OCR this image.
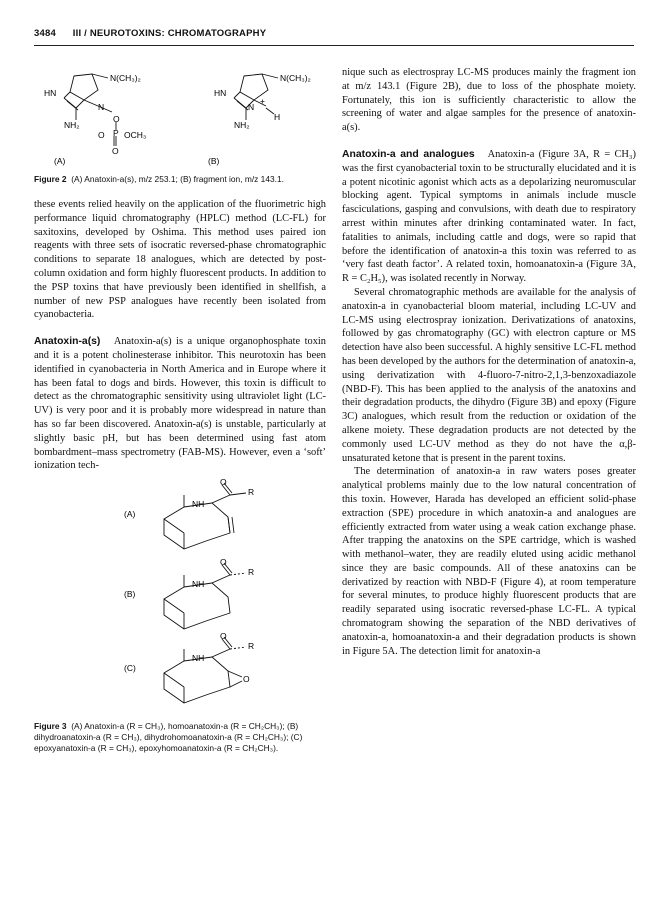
3484 III / NEUROTOXINS: CHROMATOGRAPHY
N(CH₃)₂
HN
N
O
NH₂
P
O OCH₃
O
(A)
N(CH₃)₂
HN
N
+
H
NH₂
(B)

Figure 2 (A) Anatoxin-a(s), m/z 253.1; (B) fragment ion, m/z 143.1.

these events relied heavily on the application of the fluorimetric high performance liquid chromatography (HPLC) method (LC-FL) for saxitoxins, developed by Oshima. This method uses paired ion reagents with three sets of isocratic reversed-phase chromatographic conditions to separate 18 analogues, which are detected by post-column oxidation and form highly fluorescent products. In addition to the PSP toxins that have previously been identified in shellfish, a number of new PSP analogues have recently been isolated from cyanobacteria.

Anatoxin-a(s) Anatoxin-a(s) is a unique organophosphate toxin and it is a potent cholinesterase inhibitor. This neurotoxin has been identified in cyanobacteria in North America and in Europe where it has been fatal to dogs and birds. However, this toxin is difficult to detect as the chromatographic sensitivity using ultraviolet light (LC-UV) is very poor and it is probably more widespread in nature than has so far been discovered. Anatoxin-a(s) is unstable, particularly at slightly basic pH, but has been determined using fast atom bombardment–mass spectrometry (FAB-MS). However, even a ‘soft’ ionization tech-

O
NH
R
(A)
O
NH
R
(B)
O
NH
R
O
(C)

Figure 3 (A) Anatoxin-a (R = CH₃), homoanatoxin-a (R = CH₂CH₃); (B) dihydroanatoxin-a (R = CH₃), dihydrohomoanatoxin-a (R = CH₂CH₃); (C) epoxyanatoxin-a (R = CH₃), epoxyhomoanatoxin-a (R = CH₂CH₃).

nique such as electrospray LC-MS produces mainly the fragment ion at m/z 143.1 (Figure 2B), due to loss of the phosphate moiety. Fortunately, this ion is sufficiently characteristic to allow the screening of water and algae samples for the presence of anatoxin-a(s).

Anatoxin-a and analogues Anatoxin-a (Figure 3A, R = CH₃) was the first cyanobacterial toxin to be structurally elucidated and it is a potent nicotinic agonist which acts as a depolarizing neuromuscular blocking agent. Typical symptoms in animals include muscle fasciculations, gasping and convulsions, with death due to respiratory arrest within minutes after drinking contaminated water. In fact, fatalities to animals, including cattle and dogs, were so rapid that before the identification of anatoxin-a this toxin was referred to as ‘very fast death factor’. A related toxin, homoanatoxin-a (Figure 3A, R = C₂H₅), was isolated recently in Norway.

Several chromatographic methods are available for the analysis of anatoxin-a in cyanobacterial bloom material, including LC-UV and LC-MS using electrospray ionization. Derivatizations of anatoxins, followed by gas chromatography (GC) with electron capture or MS detection have also been successful. A highly sensitive LC-FL method has been developed by the authors for the determination of anatoxin-a, using derivatization with 4-fluoro-7-nitro-2,1,3-benzoxadiazole (NBD-F). This has been applied to the analysis of the anatoxins and their degradation products, the dihydro (Figure 3B) and epoxy (Figure 3C) analogues, which result from the reduction or oxidation of the alkene moiety. These degradation products are not detected by the commonly used LC-UV method as they do not have the α,β-unsaturated ketone that is present in the parent toxins.

The determination of anatoxin-a in raw waters poses greater analytical problems mainly due to the low natural concentration of this toxin. However, Harada has developed an efficient solid-phase extraction (SPE) procedure in which anatoxin-a and analogues are efficiently extracted from water using a weak cation exchange phase. After trapping the anatoxins on the SPE cartridge, which is washed with methanol–water, they are readily eluted using acidic methanol since they are basic compounds. All of these anatoxins can be derivatized by reaction with NBD-F (Figure 4), at room temperature for several minutes, to produce highly fluorescent products that are readily separated using isocratic reversed-phase LC-FL. A typical chromatogram showing the separation of the NBD derivatives of anatoxin-a, homoanatoxin-a and their degradation products is shown in Figure 5A. The detection limit for anatoxin-a
